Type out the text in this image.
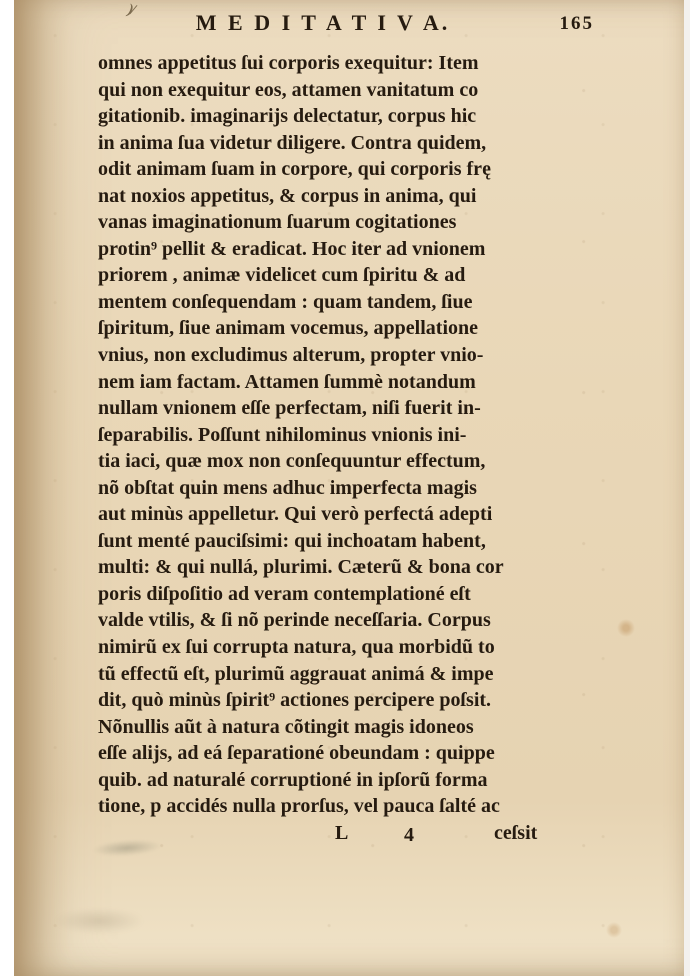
)/	M E D I T A T I V A.	165
omnes appetitus ſui corporis exequitur: Item
qui non exequitur eos, attamen vanitatum co
gitationib. imaginarijs delectatur, corpus hic
in anima ſua videtur diligere. Contra quidem,
odit animam ſuam in corpore, qui corporis frę
nat noxios appetitus, & corpus in anima, qui
vanas imaginationum ſuarum cogitationes
protin⁹ pellit & eradicat. Hoc iter ad vnionem
priorem , animæ videlicet cum ſpiritu & ad
mentem conſequendam : quam tandem, ſiue
ſpiritum, ſiue animam vocemus, appellatione
vnius, non excludimus alterum, propter vnio-
nem iam factam. Attamen ſummè notandum
nullam vnionem eſſe perfectam, niſi fuerit in-
ſeparabilis. Poſſunt nihilominus vnionis ini-
tia iaci, quæ mox non conſequuntur effectum,
nõ obſtat quin mens adhuc imperfecta magis
aut minùs appelletur. Qui verò perfectá adepti
ſunt menté pauciſsimi: qui inchoatam habent,
multi: & qui nullá, plurimi. Cæterũ & bona cor
poris diſpoſitio ad veram contemplationé eſt
valde vtilis, & ſi nõ perinde neceſſaria. Corpus
nimirũ ex ſui corrupta natura, qua morbidũ to
tũ effectũ eſt, plurimũ aggrauat animá & impe
dit, quò minùs ſpirit⁹ actiones percipere poſsit.
Nõnullis aũt à natura cõtingit magis idoneos
eſſe alijs, ad eá ſeparationé obeundam : quippe
quib. ad naturalé corruptioné in ipſorũ forma
tione, p accidés nulla prorſus, vel pauca ſalté ac
L	4	ceſsit
